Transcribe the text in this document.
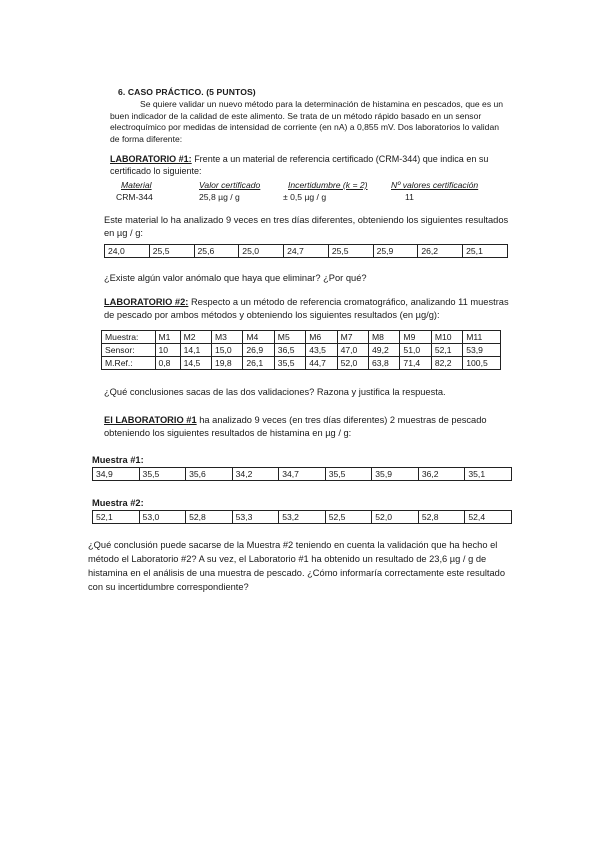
6. CASO PRÁCTICO. (5 PUNTOS)
Se quiere validar un nuevo método para la determinación de histamina en pescados, que es un buen indicador de la calidad de este alimento. Se trata de un método rápido basado en un sensor electroquímico por medidas de intensidad de corriente (en nA) a 0,855 mV. Dos laboratorios lo validan de forma diferente:
LABORATORIO #1: Frente a un material de referencia certificado (CRM-344) que indica en su certificado lo siguiente:
Material	Valor certificado	Incertidumbre (k = 2)	Nº valores certificación
CRM-344	25,8 µg / g	± 0,5 µg / g	11
Este material lo ha analizado 9 veces en tres días diferentes, obteniendo los siguientes resultados en µg / g:
24,0	25,5	25,6	25,0	24,7	25,5	25,9	26,2	25,1
¿Existe algún valor anómalo que haya que eliminar? ¿Por qué?
LABORATORIO #2: Respecto a un método de referencia cromatográfico, analizando 11 muestras de pescado por ambos métodos y obteniendo los siguientes resultados (en µg/g):
Muestra:	M1	M2	M3	M4	M5	M6	M7	M8	M9	M10	M11
Sensor:	10	14,1	15,0	26,9	36,5	43,5	47,0	49,2	51,0	52,1	53,9
M.Ref.:	0,8	14,5	19,8	26,1	35,5	44,7	52,0	63,8	71,4	82,2	100,5
¿Qué conclusiones sacas de las dos validaciones? Razona y justifica la respuesta.
El LABORATORIO #1 ha analizado 9 veces (en tres días diferentes) 2 muestras de pescado obteniendo los siguientes resultados de histamina en µg / g:
Muestra #1:
34,9	35,5	35,6	34,2	34,7	35,5	35,9	36,2	35,1
Muestra #2:
52,1	53,0	52,8	53,3	53,2	52,5	52,0	52,8	52,4
¿Qué conclusión puede sacarse de la Muestra #2 teniendo en cuenta la validación que ha hecho el método el Laboratorio #2? A su vez, el Laboratorio #1 ha obtenido un resultado de 23,6 µg / g de histamina en el análisis de una muestra de pescado. ¿Cómo informaría correctamente este resultado con su incertidumbre correspondiente?
